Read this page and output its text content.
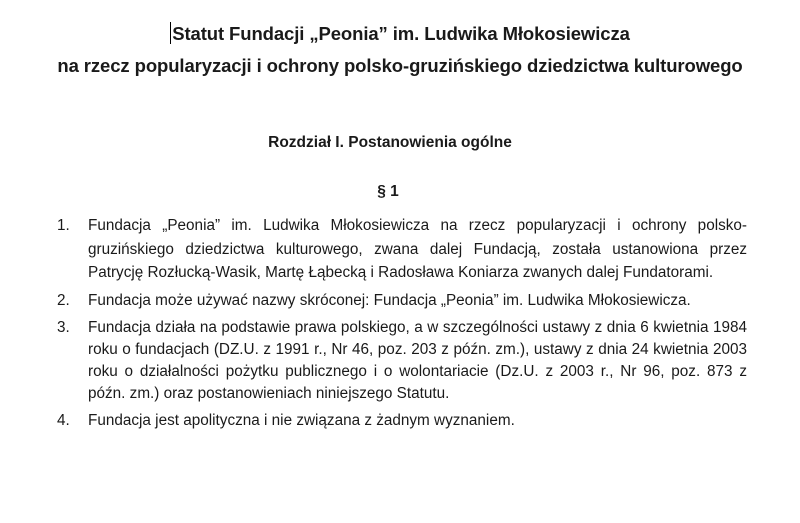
Statut Fundacji „Peonia” im. Ludwika Młokosiewicza

na rzecz popularyzacji i ochrony polsko-gruzińskiego dziedzictwa kulturowego

Rozdział I. Postanowienia ogólne

§ 1

1. Fundacja „Peonia” im. Ludwika Młokosiewicza na rzecz popularyzacji i ochrony polsko-gruzińskiego dziedzictwa kulturowego, zwana dalej Fundacją, została ustanowiona przez Patrycję Rozłucką-Wasik, Martę Łąbecką i Radosława Koniarza zwanych dalej Fundatorami.
2. Fundacja może używać nazwy skróconej: Fundacja „Peonia” im. Ludwika Młokosiewicza.
3. Fundacja działa na podstawie prawa polskiego, a w szczególności ustawy z dnia 6 kwietnia 1984 roku o fundacjach (DZ.U. z 1991 r., Nr 46, poz. 203 z późn. zm.), ustawy z dnia 24 kwietnia 2003 roku o działalności pożytku publicznego i o wolontariacie (Dz.U. z 2003 r., Nr 96, poz. 873 z późn. zm.) oraz postanowieniach niniejszego Statutu.
4. Fundacja jest apolityczna i nie związana z żadnym wyznaniem.
